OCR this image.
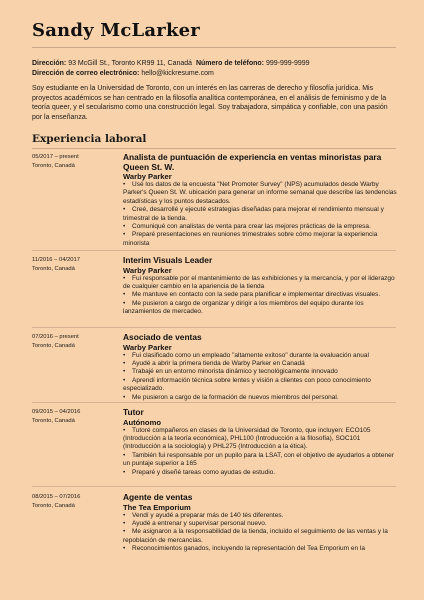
Sandy McLarker
Dirección: 93 McGill St., Toronto KR99 11, Canadá Número de teléfono: 999-999-9999
Dirección de correo electrónico: hello@kickresume.com
Soy estudiante en la Universidad de Toronto, con un interés en las carreras de derecho y filosofía jurídica. Mis proyectos académicos se han centrado en la filosofía analítica contemporánea, en el análisis de feminismo y de la teoría queer, y el secularismo como una construcción legal. Soy trabajadora, simpática y confiable, con una pasión por la enseñanza.
Experiencia laboral
05/2017 – present
Toronto, Canadá
Analista de puntuación de experiencia en ventas minoristas para Queen St. W.
Warby Parker
• Usé los datos de la encuesta "Net Promoter Survey" (NPS) acumulados desde Warby Parker's Queen St. W. ubicación para generar un informe semanal que describe las tendencias estadísticas y los puntos destacados.
• Creé, desarrollé y ejecuté estrategias diseñadas para mejorar el rendimiento mensual y trimestral de la tienda.
• Comuniqué con analistas de venta para crear las mejores prácticas de la empresa.
• Preparé presentaciones en reuniones trimestrales sobre cómo mejorar la experiencia minorista
11/2016 – 04/2017
Toronto, Canadá
Interim Visuals Leader
Warby Parker
• Fui responsable por el mantenimiento de las exhibiciones y la mercancía, y por el liderazgo de cualquier cambio en la apariencia de la tienda
• Me mantuve en contacto con la sede para planificar e implementar directivas visuales.
• Me pusieron a cargo de organizar y dirigir a los miembros del equipo durante los lanzamientos de mercadeo.
07/2016 – present
Toronto, Canadá
Asociado de ventas
Warby Parker
• Fui clasificado como un empleado "altamente exitoso" durante la evaluación anual
• Ayudé a abrir la primera tienda de Warby Parker en Canadá
• Trabajé en un entorno minorista dinámico y tecnológicamente innovado
• Aprendí información técnica sobre lentes y visión a clientes con poco conocimiento especializado.
• Me pusieron a cargo de la formación de nuevos miembros del personal.
09/2015 – 04/2016
Toronto, Canadá
Tutor
Autónomo
• Tutoré compañeros en clases de la Universidad de Toronto, que incluyen: ECO105 (Introducción a la teoría económica), PHL100 (Introducción a la filosofía), SOC101 (Introducción a la sociología) y PHL275 (Introducción a la ética).
• También fui responsable por un pupilo para la LSAT, con el objetivo de ayudarlos a obtener un puntaje superior a 165
• Preparé y diseñé tareas como ayudas de estudio.
08/2015 – 07/2016
Toronto, Canadá
Agente de ventas
The Tea Emporium
• Vendí y ayudé a preparar más de 140 tés diferentes.
• Ayudé a entrenar y supervisar personal nuevo.
• Me asignaron a la responsabilidad de la tienda, incluido el seguimiento de las ventas y la repoblación de mercancías.
• Reconocimientos ganados, incluyendo la representación del Tea Emporium en la
